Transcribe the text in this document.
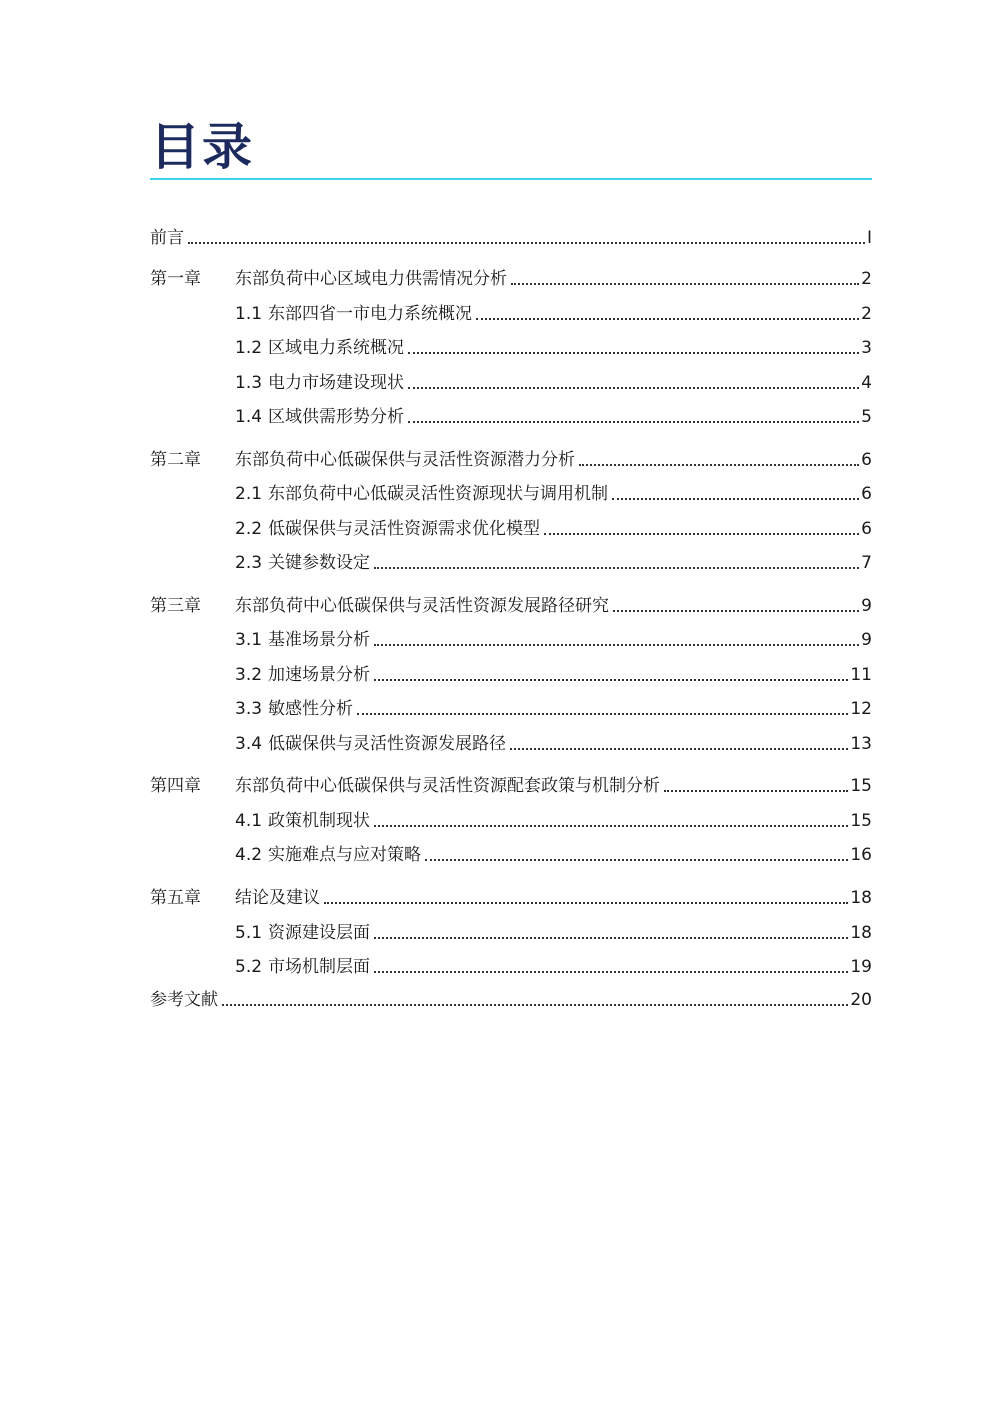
目录
前言	I
第一章	东部负荷中心区域电力供需情况分析	2
1.1 东部四省一市电力系统概况	2
1.2 区域电力系统概况	3
1.3 电力市场建设现状	4
1.4 区域供需形势分析	5
第二章	东部负荷中心低碳保供与灵活性资源潜力分析	6
2.1 东部负荷中心低碳灵活性资源现状与调用机制	6
2.2 低碳保供与灵活性资源需求优化模型	6
2.3 关键参数设定	7
第三章	东部负荷中心低碳保供与灵活性资源发展路径研究	9
3.1 基准场景分析	9
3.2 加速场景分析	11
3.3 敏感性分析	12
3.4 低碳保供与灵活性资源发展路径	13
第四章	东部负荷中心低碳保供与灵活性资源配套政策与机制分析	15
4.1 政策机制现状	15
4.2 实施难点与应对策略	16
第五章	结论及建议	18
5.1 资源建设层面	18
5.2 市场机制层面	19
参考文献	20
